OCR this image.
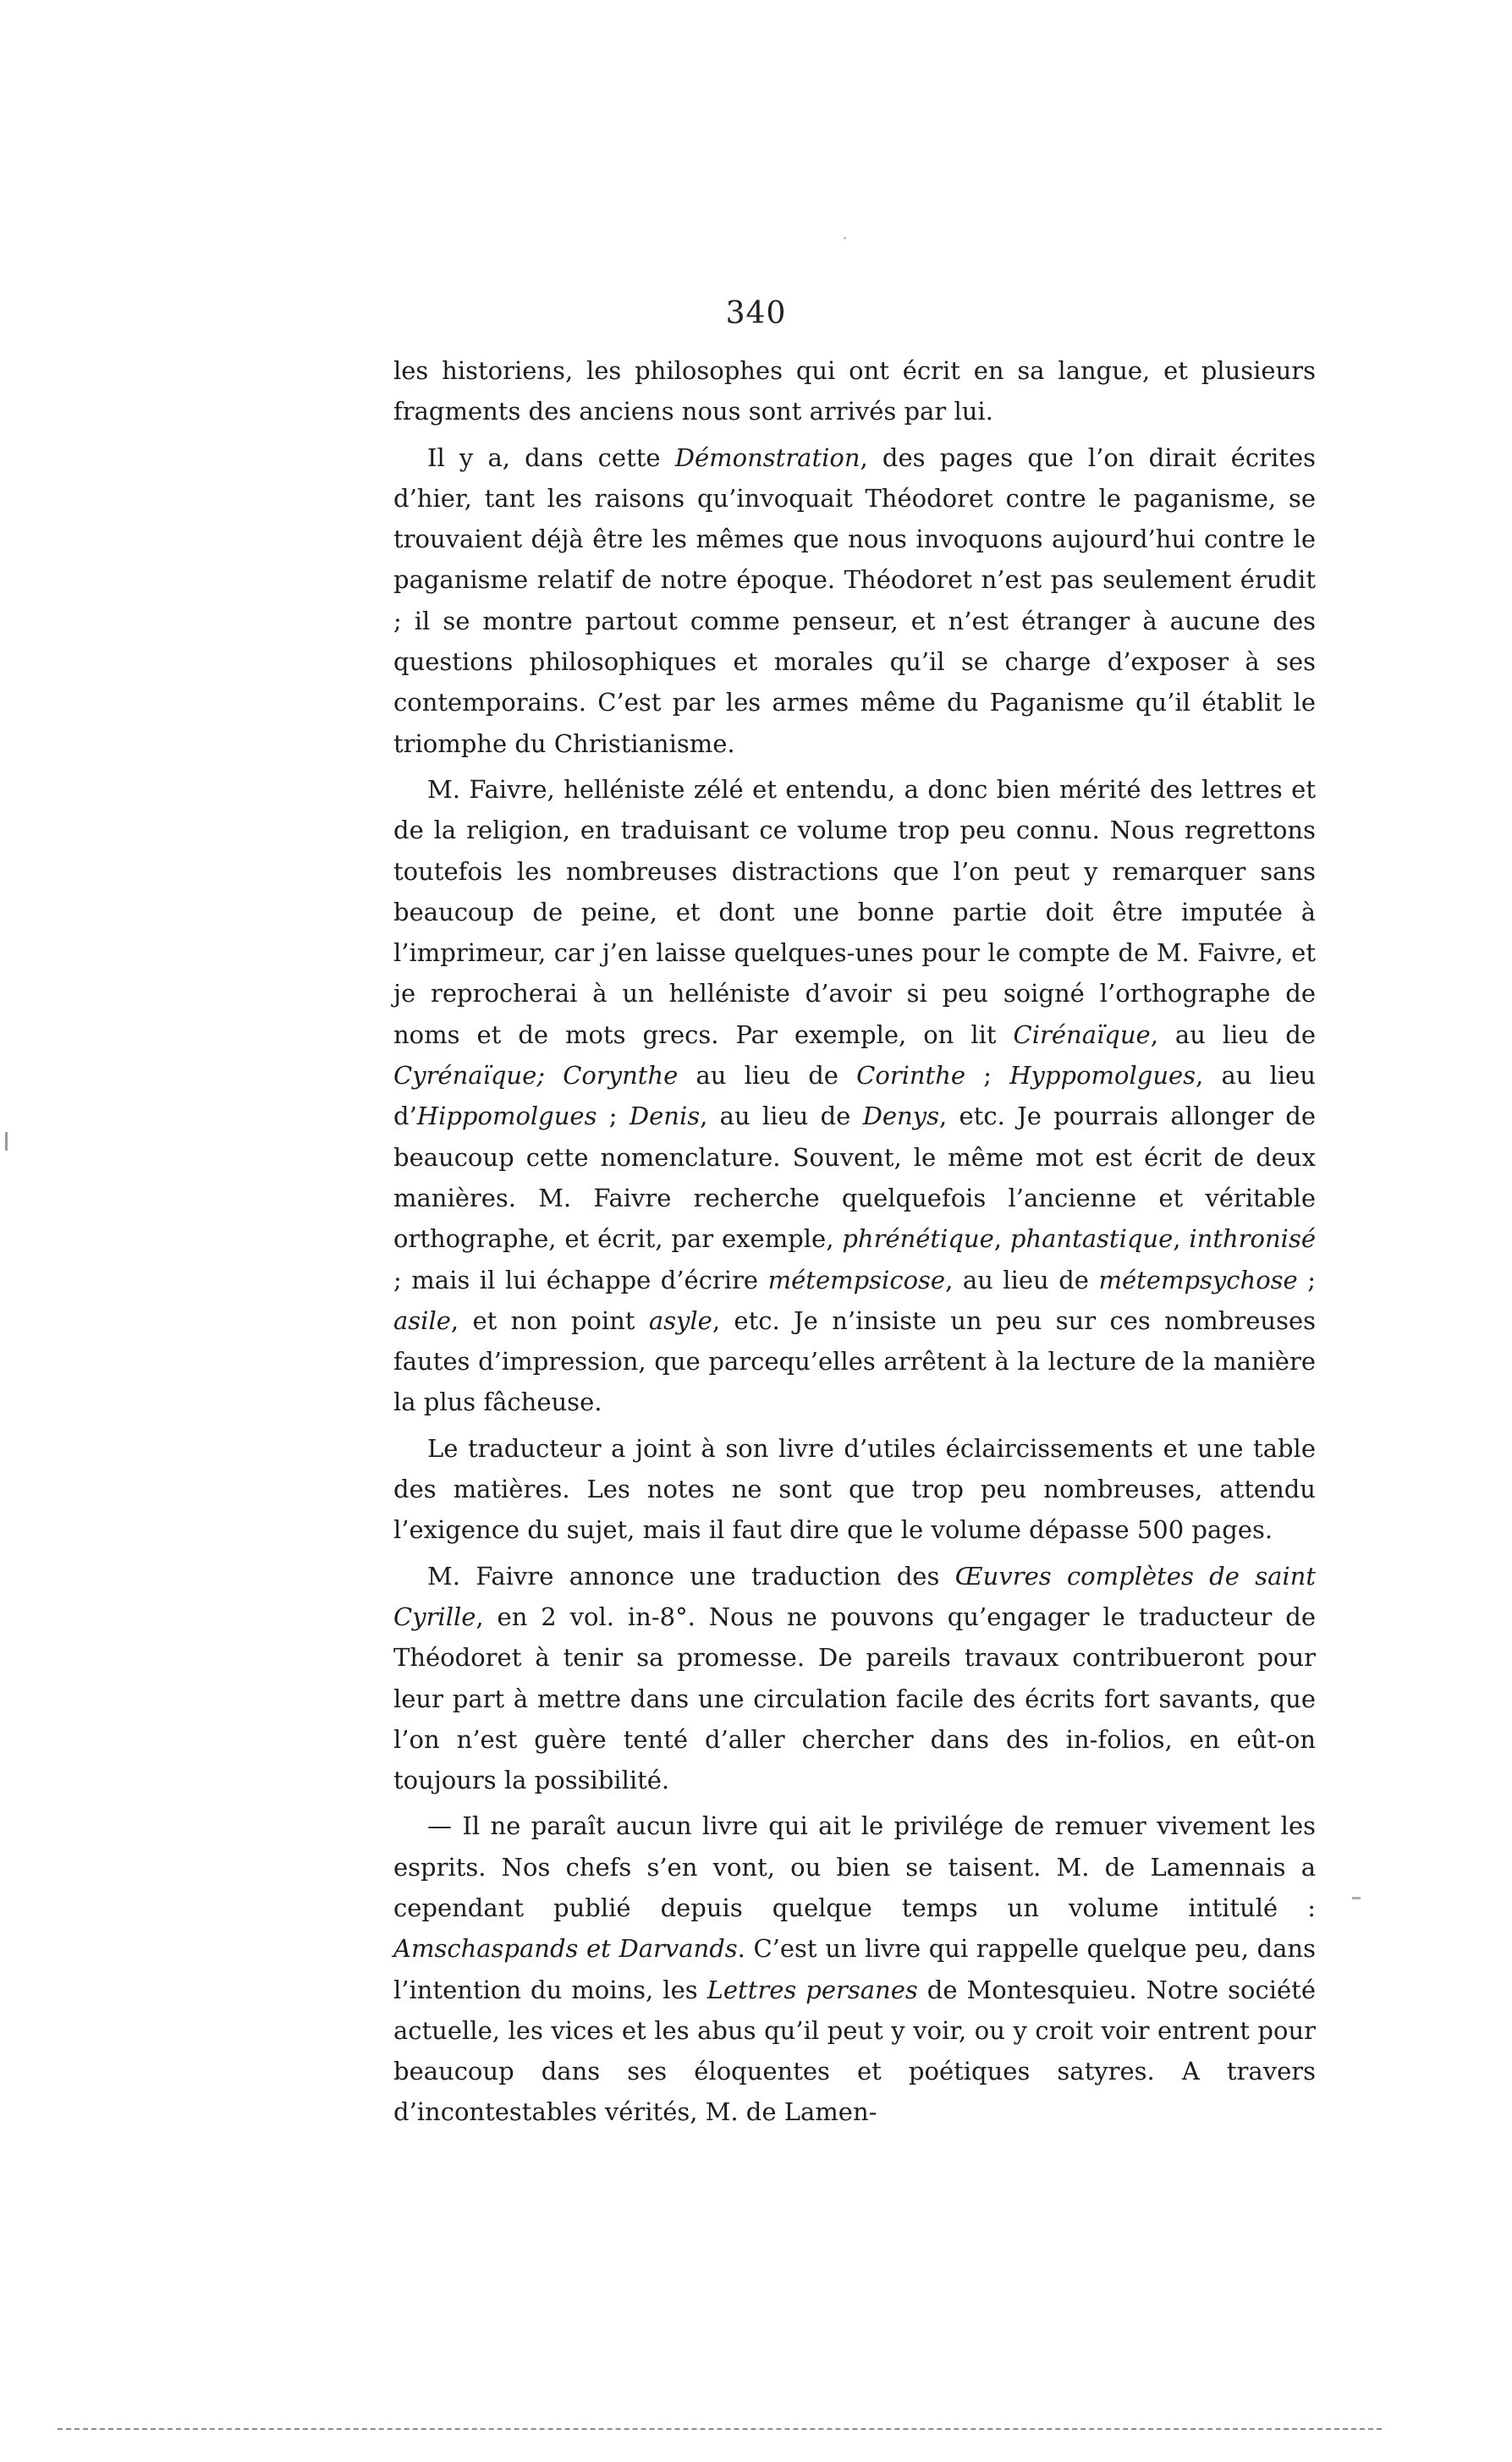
340

les historiens, les philosophes qui ont écrit en sa langue, et plusieurs fragments des anciens nous sont arrivés par lui.

Il y a, dans cette Démonstration, des pages que l’on dirait écrites d’hier, tant les raisons qu’invoquait Théodoret contre le paganisme, se trouvaient déjà être les mêmes que nous invoquons aujourd’hui contre le paganisme relatif de notre époque. Théodoret n’est pas seulement érudit ; il se montre partout comme penseur, et n’est étranger à aucune des questions philosophiques et morales qu’il se charge d’exposer à ses contemporains. C’est par les armes même du Paganisme qu’il établit le triomphe du Christianisme.

M. Faivre, helléniste zélé et entendu, a donc bien mérité des lettres et de la religion, en traduisant ce volume trop peu connu. Nous regrettons toutefois les nombreuses distractions que l’on peut y remarquer sans beaucoup de peine, et dont une bonne partie doit être imputée à l’imprimeur, car j’en laisse quelques-unes pour le compte de M. Faivre, et je reprocherai à un helléniste d’avoir si peu soigné l’orthographe de noms et de mots grecs. Par exemple, on lit Cirénaïque, au lieu de Cyrénaïque; Corynthe au lieu de Corinthe ; Hyppomolgues, au lieu d’Hippomolgues ; Denis, au lieu de Denys, etc. Je pourrais allonger de beaucoup cette nomenclature. Souvent, le même mot est écrit de deux manières. M. Faivre recherche quelquefois l’ancienne et véritable orthographe, et écrit, par exemple, phrénétique, phantastique, inthronisé ; mais il lui échappe d’écrire métempsicose, au lieu de métempsychose ; asile, et non point asyle, etc. Je n’insiste un peu sur ces nombreuses fautes d’impression, que parcequ’elles arrêtent à la lecture de la manière la plus fâcheuse.

Le traducteur a joint à son livre d’utiles éclaircissements et une table des matières. Les notes ne sont que trop peu nombreuses, attendu l’exigence du sujet, mais il faut dire que le volume dépasse 500 pages.

M. Faivre annonce une traduction des Œuvres complètes de saint Cyrille, en 2 vol. in-8°. Nous ne pouvons qu’engager le traducteur de Théodoret à tenir sa promesse. De pareils travaux contribueront pour leur part à mettre dans une circulation facile des écrits fort savants, que l’on n’est guère tenté d’aller chercher dans des in-folios, en eût-on toujours la possibilité.

— Il ne paraît aucun livre qui ait le privilége de remuer vivement les esprits. Nos chefs s’en vont, ou bien se taisent. M. de Lamennais a cependant publié depuis quelque temps un volume intitulé : Amschaspands et Darvands. C’est un livre qui rappelle quelque peu, dans l’intention du moins, les Lettres persanes de Montesquieu. Notre société actuelle, les vices et les abus qu’il peut y voir, ou y croit voir entrent pour beaucoup dans ses éloquentes et poétiques satyres. A travers d’incontestables vérités, M. de Lamen-
